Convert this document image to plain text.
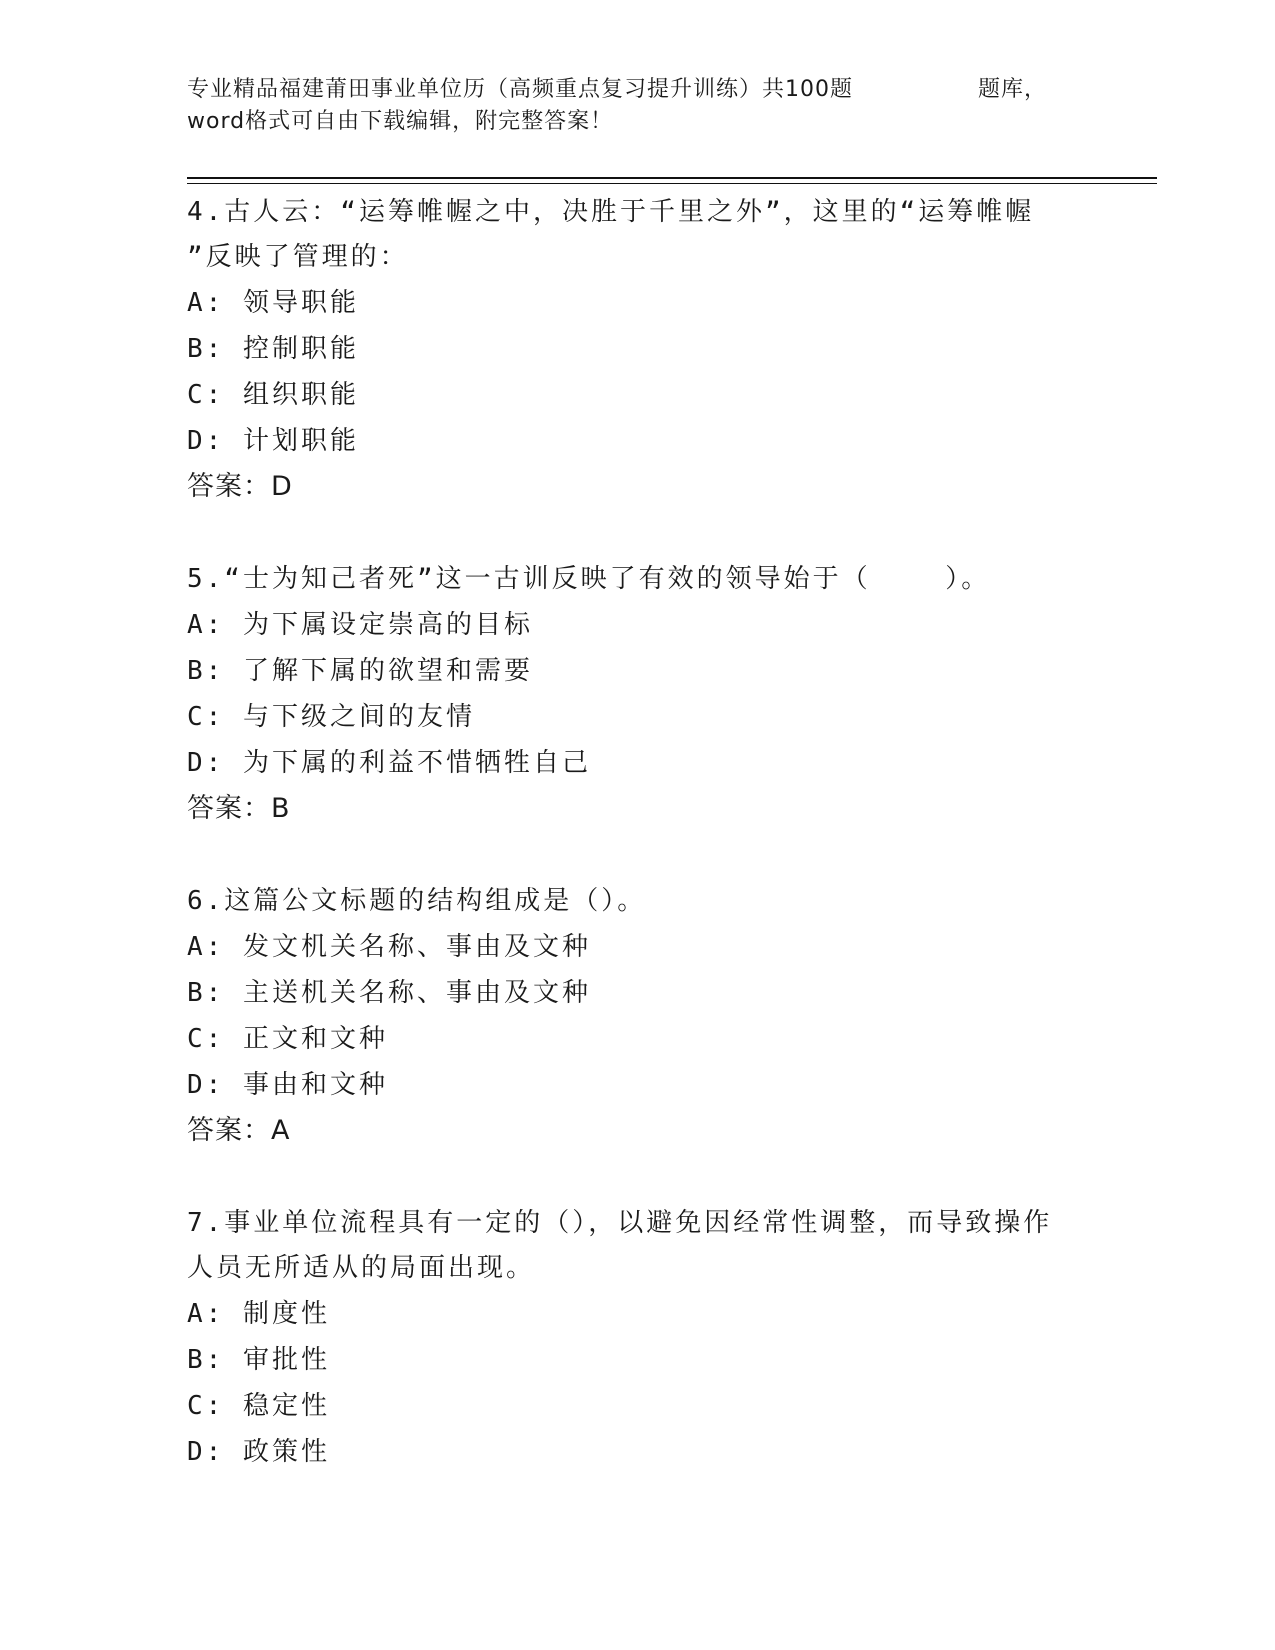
专业精品福建莆田事业单位历（高频重点复习提升训练）共100题	题库，
word格式可自由下载编辑，附完整答案！

4.古人云：“运筹帷幄之中，决胜于千里之外”，这里的“运筹帷幄

”反映了管理的：

A: 领导职能
B: 控制职能
C: 组织职能
D: 计划职能
答案：D

5.“士为知己者死”这一古训反映了有效的领导始于（    ）。

A: 为下属设定崇高的目标
B: 了解下属的欲望和需要
C: 与下级之间的友情
D: 为下属的利益不惜牺牲自己
答案：B

6.这篇公文标题的结构组成是（）。

A: 发文机关名称、事由及文种
B: 主送机关名称、事由及文种
C: 正文和文种
D: 事由和文种
答案：A

7.事业单位流程具有一定的（），以避免因经常性调整，而导致操作

人员无所适从的局面出现。

A: 制度性
B: 审批性
C: 稳定性
D: 政策性
